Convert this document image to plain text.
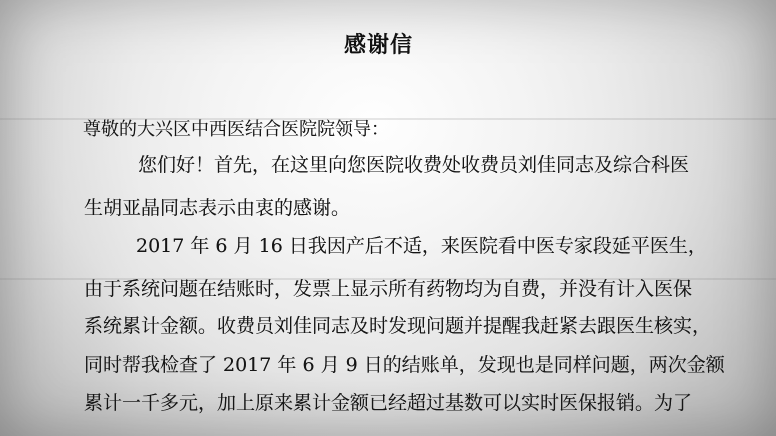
感谢信
尊敬的大兴区中西医结合医院院领导：
您们好！首先，在这里向您医院收费处收费员刘佳同志及综合科医
生胡亚晶同志表示由衷的感谢。
2017 年 6 月 16 日我因产后不适，来医院看中医专家段延平医生，
由于系统问题在结账时，发票上显示所有药物均为自费，并没有计入医保
系统累计金额。收费员刘佳同志及时发现问题并提醒我赶紧去跟医生核实，
同时帮我检查了 2017 年 6 月 9 日的结账单，发现也是同样问题，两次金额
累计一千多元，加上原来累计金额已经超过基数可以实时医保报销。为了
